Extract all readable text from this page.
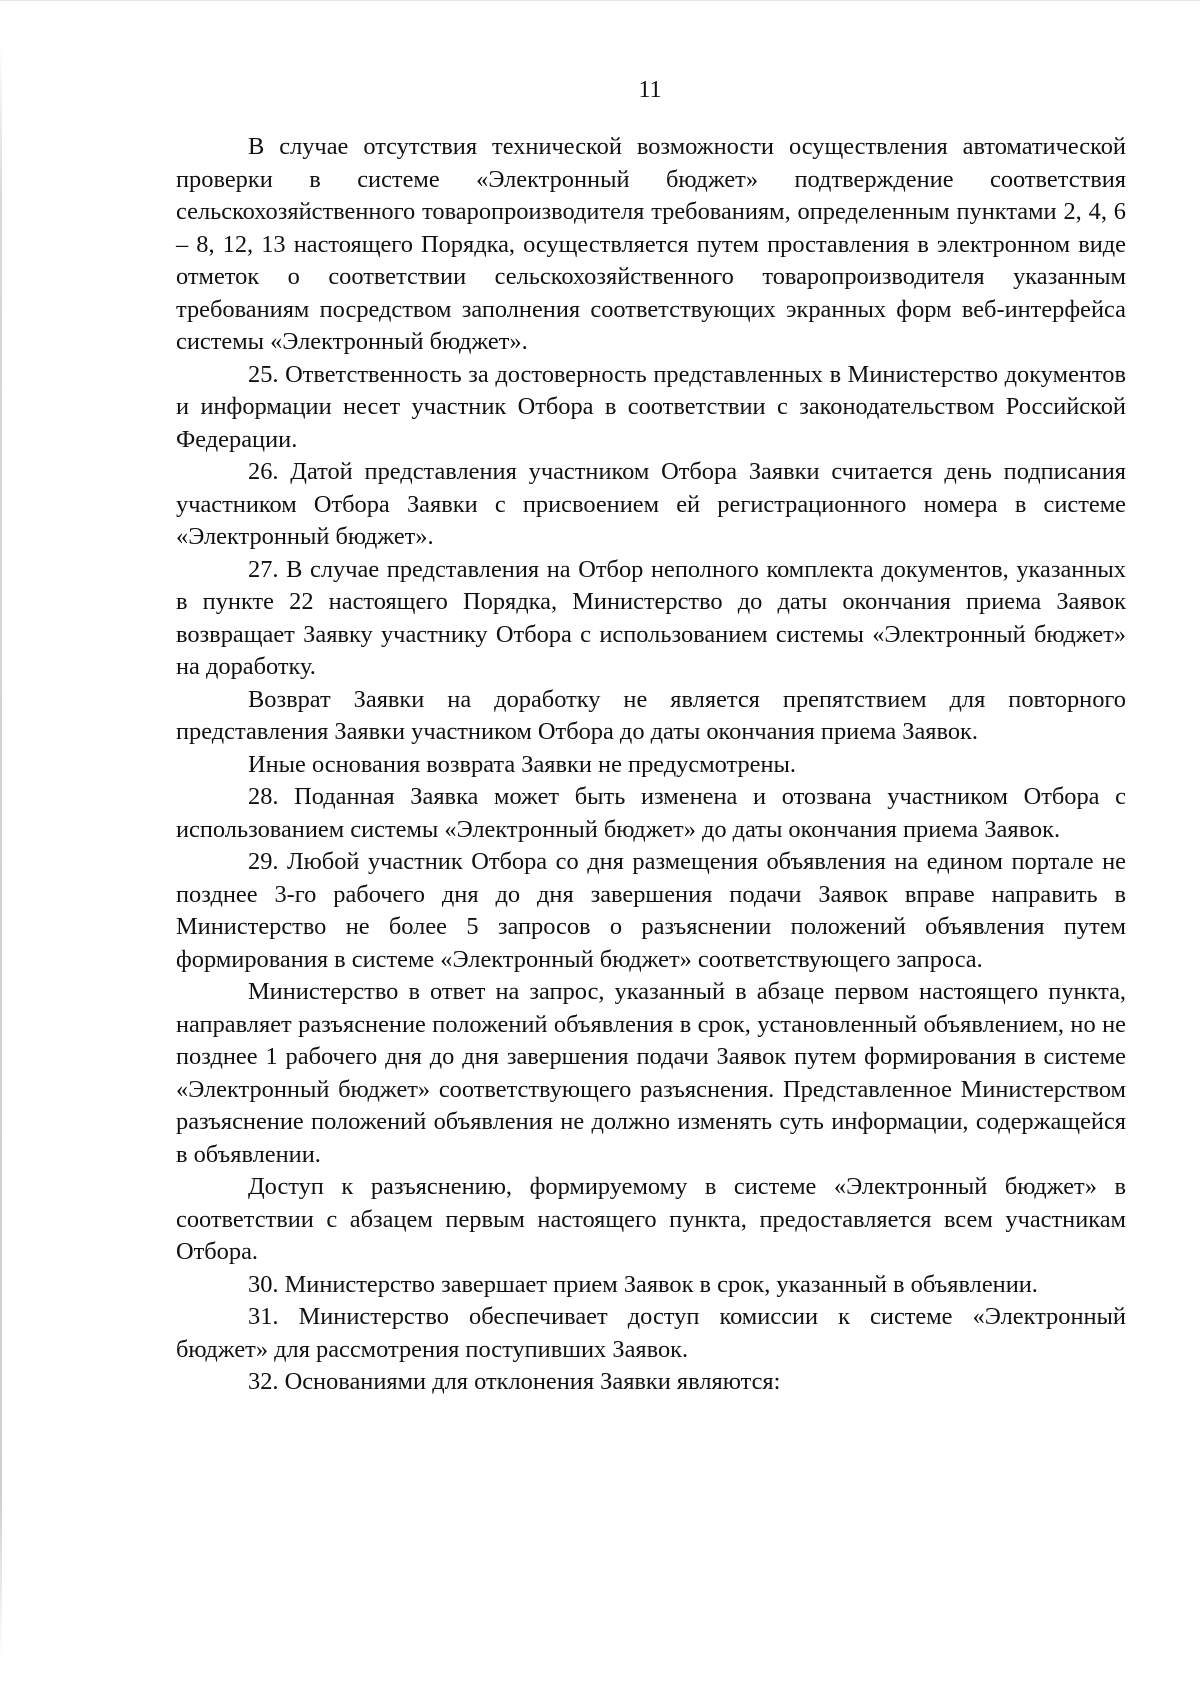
11

В случае отсутствия технической возможности осуществления автоматической проверки в системе «Электронный бюджет» подтверждение соответствия сельскохозяйственного товаропроизводителя требованиям, определенным пунктами 2, 4, 6 – 8, 12, 13 настоящего Порядка, осуществляется путем проставления в электронном виде отметок о соответствии сельскохозяйственного товаропроизводителя указанным требованиям посредством заполнения соответствующих экранных форм веб-интерфейса системы «Электронный бюджет».

25. Ответственность за достоверность представленных в Министерство документов и информации несет участник Отбора в соответствии с законодательством Российской Федерации.

26. Датой представления участником Отбора Заявки считается день подписания участником Отбора Заявки с присвоением ей регистрационного номера в системе «Электронный бюджет».

27. В случае представления на Отбор неполного комплекта документов, указанных в пункте 22 настоящего Порядка, Министерство до даты окончания приема Заявок возвращает Заявку участнику Отбора с использованием системы «Электронный бюджет» на доработку.

Возврат Заявки на доработку не является препятствием для повторного представления Заявки участником Отбора до даты окончания приема Заявок.

Иные основания возврата Заявки не предусмотрены.

28. Поданная Заявка может быть изменена и отозвана участником Отбора с использованием системы «Электронный бюджет» до даты окончания приема Заявок.

29. Любой участник Отбора со дня размещения объявления на едином портале не позднее 3-го рабочего дня до дня завершения подачи Заявок вправе направить в Министерство не более 5 запросов о разъяснении положений объявления путем формирования в системе «Электронный бюджет» соответствующего запроса.

Министерство в ответ на запрос, указанный в абзаце первом настоящего пункта, направляет разъяснение положений объявления в срок, установленный объявлением, но не позднее 1 рабочего дня до дня завершения подачи Заявок путем формирования в системе «Электронный бюджет» соответствующего разъяснения. Представленное Министерством разъяснение положений объявления не должно изменять суть информации, содержащейся в объявлении.

Доступ к разъяснению, формируемому в системе «Электронный бюджет» в соответствии с абзацем первым настоящего пункта, предоставляется всем участникам Отбора.

30. Министерство завершает прием Заявок в срок, указанный в объявлении.

31. Министерство обеспечивает доступ комиссии к системе «Электронный бюджет» для рассмотрения поступивших Заявок.

32. Основаниями для отклонения Заявки являются:
